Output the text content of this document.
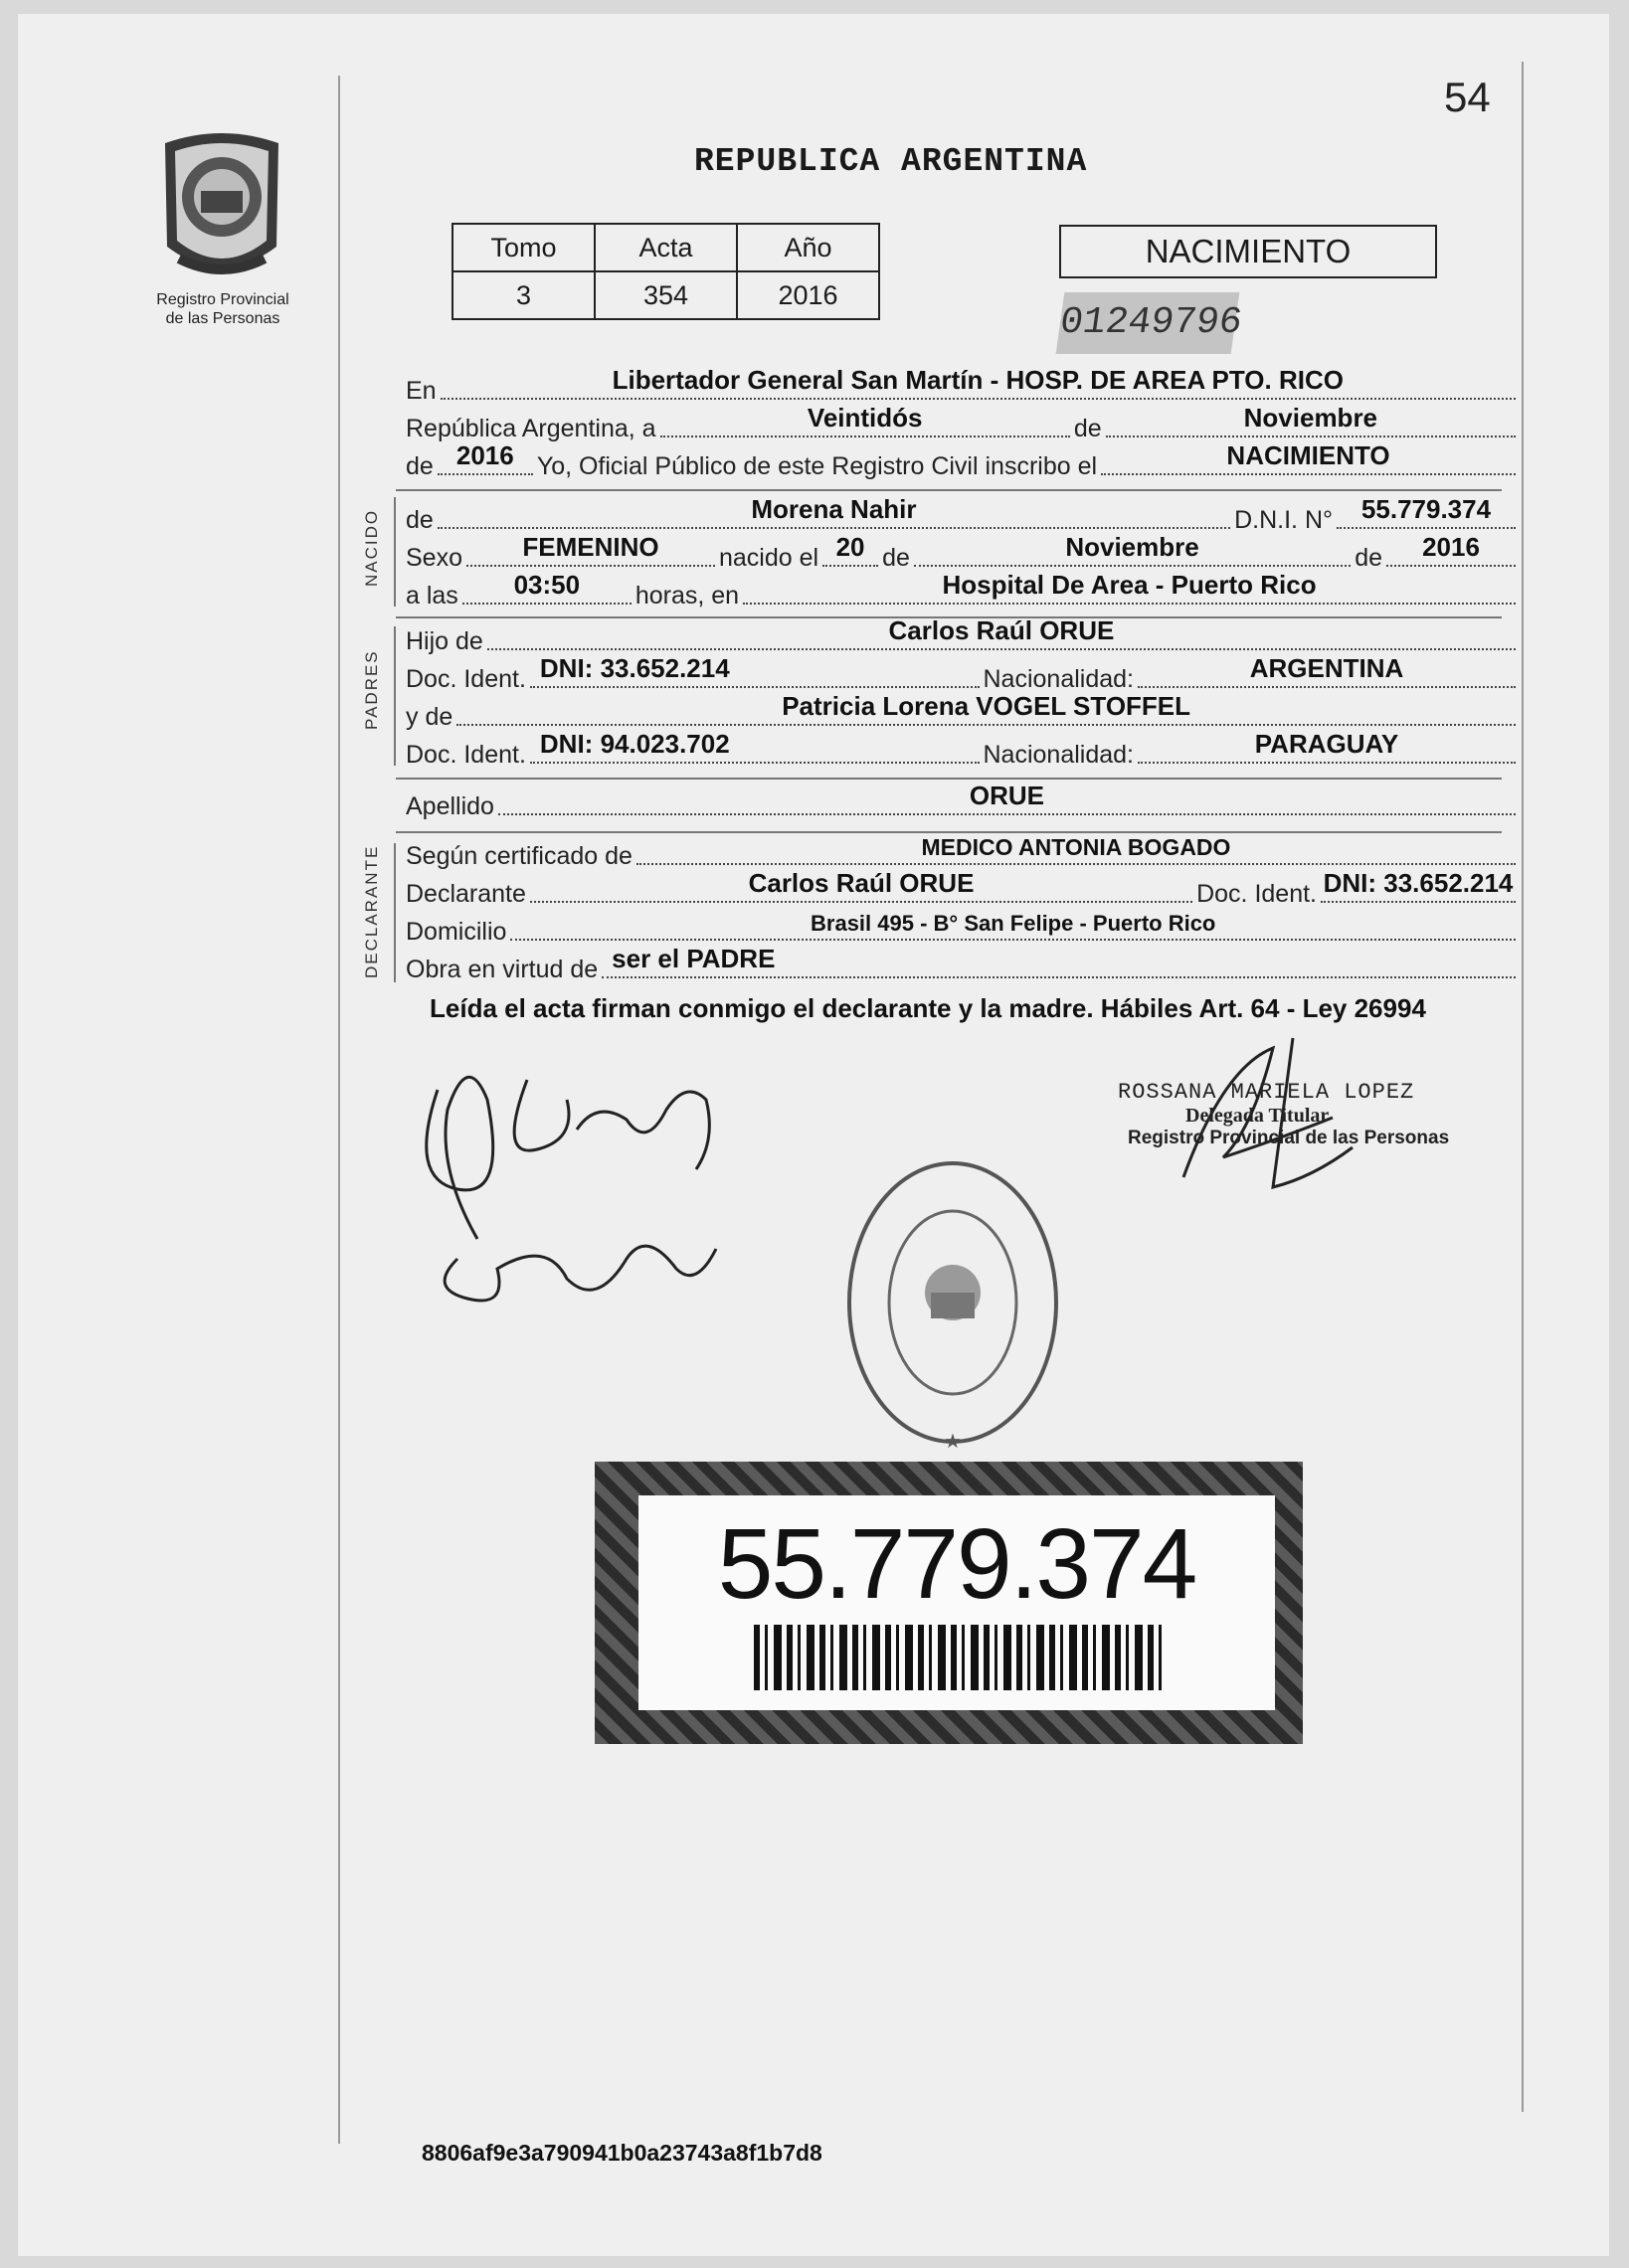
54
REPUBLICA ARGENTINA
Registro Provincial
de las Personas
Tomo	Acta	Año
3	354	2016
NACIMIENTO
01249796
En	Libertador General San Martín - HOSP. DE AREA PTO. RICO
República Argentina, a	Veintidós	de	Noviembre
de 2016 Yo, Oficial Público de este Registro Civil inscribo el	NACIMIENTO
NACIDO de	Morena Nahir	D.N.I. N°	55.779.374
Sexo	FEMENINO	nacido el 20 de	Noviembre	de	2016
a las	03:50	horas, en	Hospital De Area - Puerto Rico
PADRES
Hijo de	Carlos Raúl ORUE
Doc. Ident. DNI: 33.652.214	Nacionalidad:	ARGENTINA
y de	Patricia Lorena VOGEL STOFFEL
Doc. Ident. DNI: 94.023.702	Nacionalidad:	PARAGUAY
Apellido	ORUE
DECLARANTE Según certificado de	MEDICO ANTONIA BOGADO
Declarante	Carlos Raúl ORUE	Doc. Ident. DNI: 33.652.214
Domicilio	Brasil 495 - B° San Felipe - Puerto Rico
Obra en virtud de ser el PADRE
Leída el acta firman conmigo el declarante y la madre. Hábiles Art. 64 - Ley 26994
ROSSANA MARIELA LOPEZ
Delegada Titular
Registro Provincial de las Personas
★
55.779.374
8806af9e3a790941b0a23743a8f1b7d8
